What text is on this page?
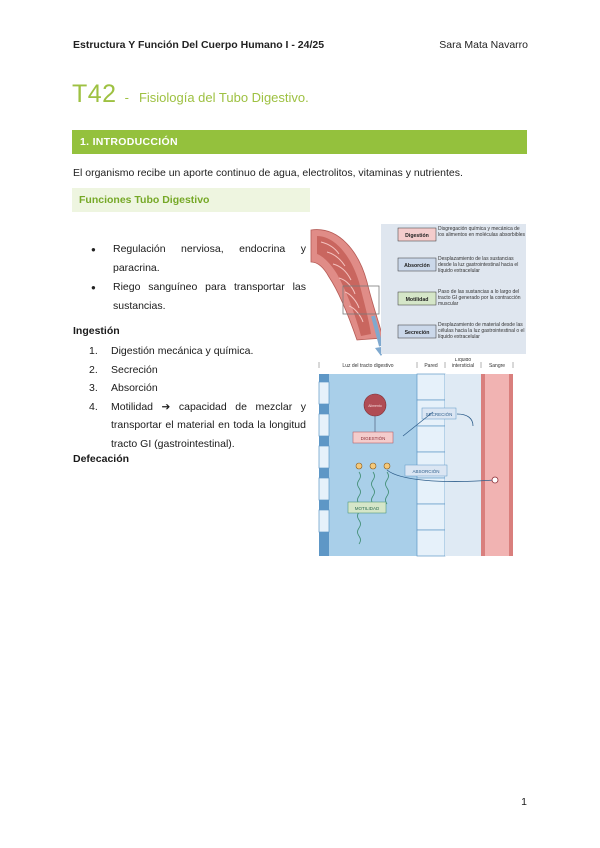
Estructura Y Función Del Cuerpo Humano I - 24/25	Sara Mata Navarro
T42 - Fisiología del Tubo Digestivo.
1. INTRODUCCIÓN
El organismo recibe un aporte continuo de agua, electrolitos, vitaminas y nutrientes.
Funciones Tubo Digestivo
● Regulación nerviosa, endocrina y paracrina.
● Riego sanguíneo para transportar las sustancias.
Ingestión
1. Digestión mecánica y química.
2. Secreción
3. Absorción
4. Motilidad ➔ capacidad de mezclar y transportar el material en toda la longitud tracto GI (gastrointestinal).
Defecación
Digestión
Disgregación química y mecánica de los alimentos en moléculas absorbibles
Absorción
Desplazamiento de las sustancias desde la luz gastrointestinal hacia el líquido extracelular
Motilidad
Paso de las sustancias a lo largo del tracto GI generado por la contracción muscular
Secreción
Desplazamiento de material desde las células hacia la luz gastrointestinal o el líquido extracelular
Luz del tracto digestivo	Pared
Líquido intersticial	Sangre
Alimento
DIGESTIÓN
SECRECIÓN
MOTILIDAD
ABSORCIÓN
1
